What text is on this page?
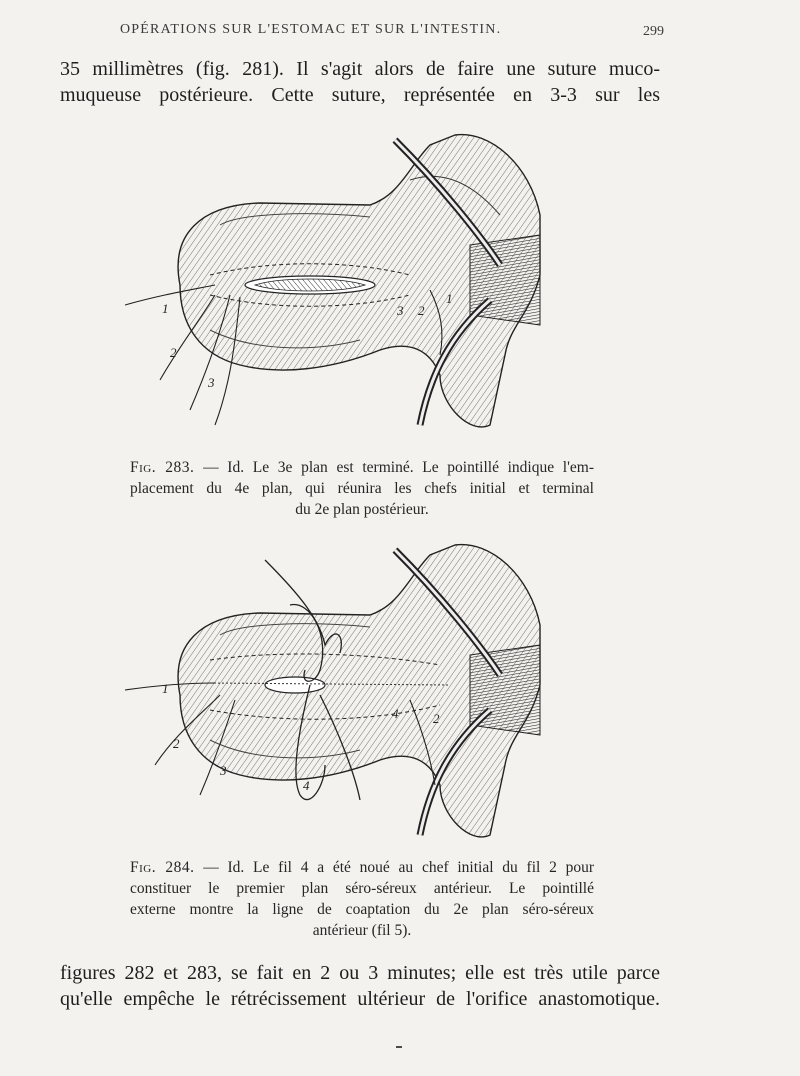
OPÉRATIONS SUR L'ESTOMAC ET SUR L'INTESTIN.	299
35 millimètres (fig. 281). Il s'agit alors de faire une suture muco-
muqueuse postérieure. Cette suture, représentée en 3-3 sur les
1
2
3
3 2
1
Fig. 283. — Id. Le 3e plan est terminé. Le pointillé indique l'em-
placement du 4e plan, qui réunira les chefs initial et terminal
du 2e plan postérieur.
1
2
3
4
4	2
Fig. 284. — Id. Le fil 4 a été noué au chef initial du fil 2 pour
constituer le premier plan séro-séreux antérieur. Le pointillé
externe montre la ligne de coaptation du 2e plan séro-séreux
antérieur (fil 5).
figures 282 et 283, se fait en 2 ou 3 minutes; elle est très utile parce
qu'elle empêche le rétrécissement ultérieur de l'orifice anastomotique.
